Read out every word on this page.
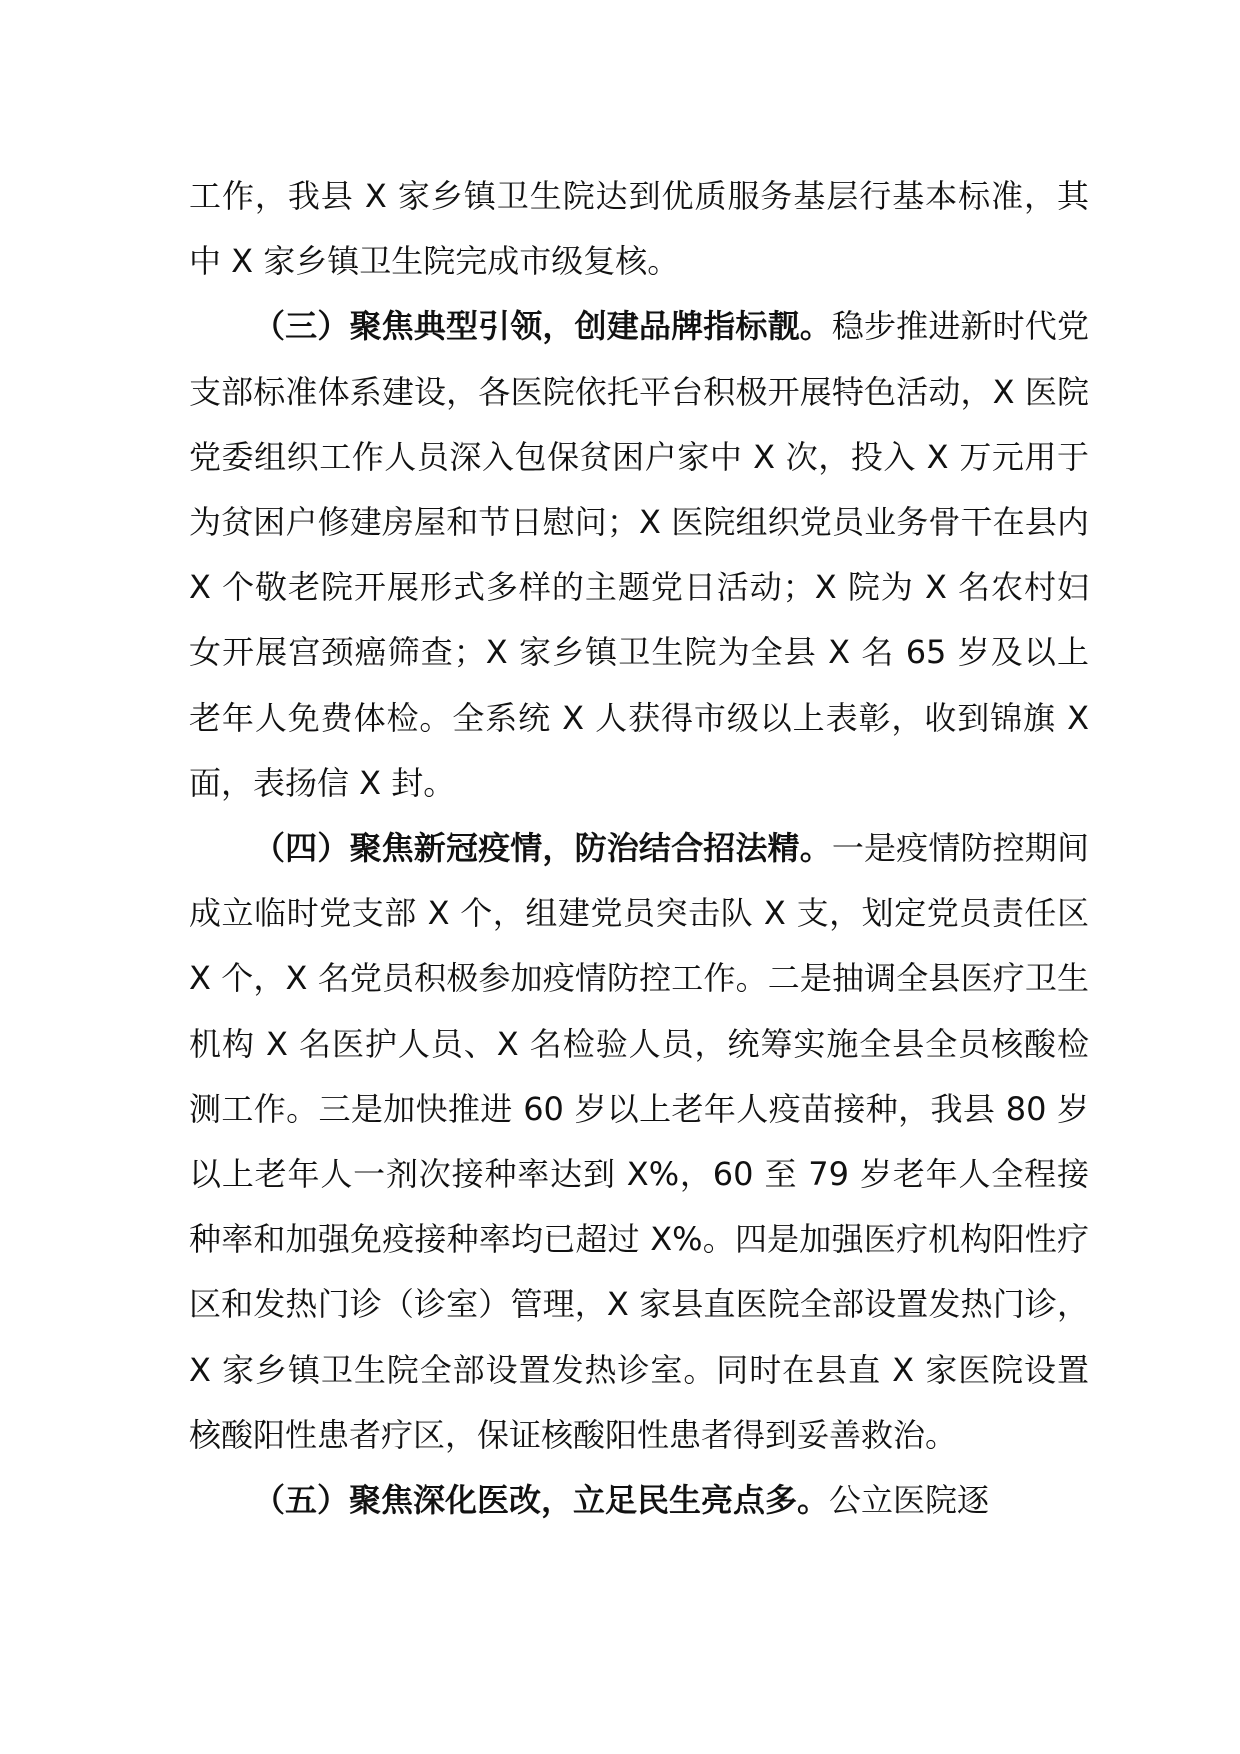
工作，我县 X 家乡镇卫生院达到优质服务基层行基本标准，其中 X 家乡镇卫生院完成市级复核。

（三）聚焦典型引领，创建品牌指标靓。稳步推进新时代党支部标准体系建设，各医院依托平台积极开展特色活动，X 医院党委组织工作人员深入包保贫困户家中 X 次，投入 X 万元用于为贫困户修建房屋和节日慰问；X 医院组织党员业务骨干在县内 X 个敬老院开展形式多样的主题党日活动；X 院为 X 名农村妇女开展宫颈癌筛查；X 家乡镇卫生院为全县 X 名 65 岁及以上老年人免费体检。全系统 X 人获得市级以上表彰，收到锦旗 X 面，表扬信 X 封。

（四）聚焦新冠疫情，防治结合招法精。一是疫情防控期间成立临时党支部 X 个，组建党员突击队 X 支，划定党员责任区 X 个，X 名党员积极参加疫情防控工作。二是抽调全县医疗卫生机构 X 名医护人员、X 名检验人员，统筹实施全县全员核酸检测工作。三是加快推进 60 岁以上老年人疫苗接种，我县 80 岁以上老年人一剂次接种率达到 X%，60 至 79 岁老年人全程接种率和加强免疫接种率均已超过 X%。四是加强医疗机构阳性疗区和发热门诊（诊室）管理，X 家县直医院全部设置发热门诊，X 家乡镇卫生院全部设置发热诊室。同时在县直 X 家医院设置核酸阳性患者疗区，保证核酸阳性患者得到妥善救治。

（五）聚焦深化医改，立足民生亮点多。公立医院逐
